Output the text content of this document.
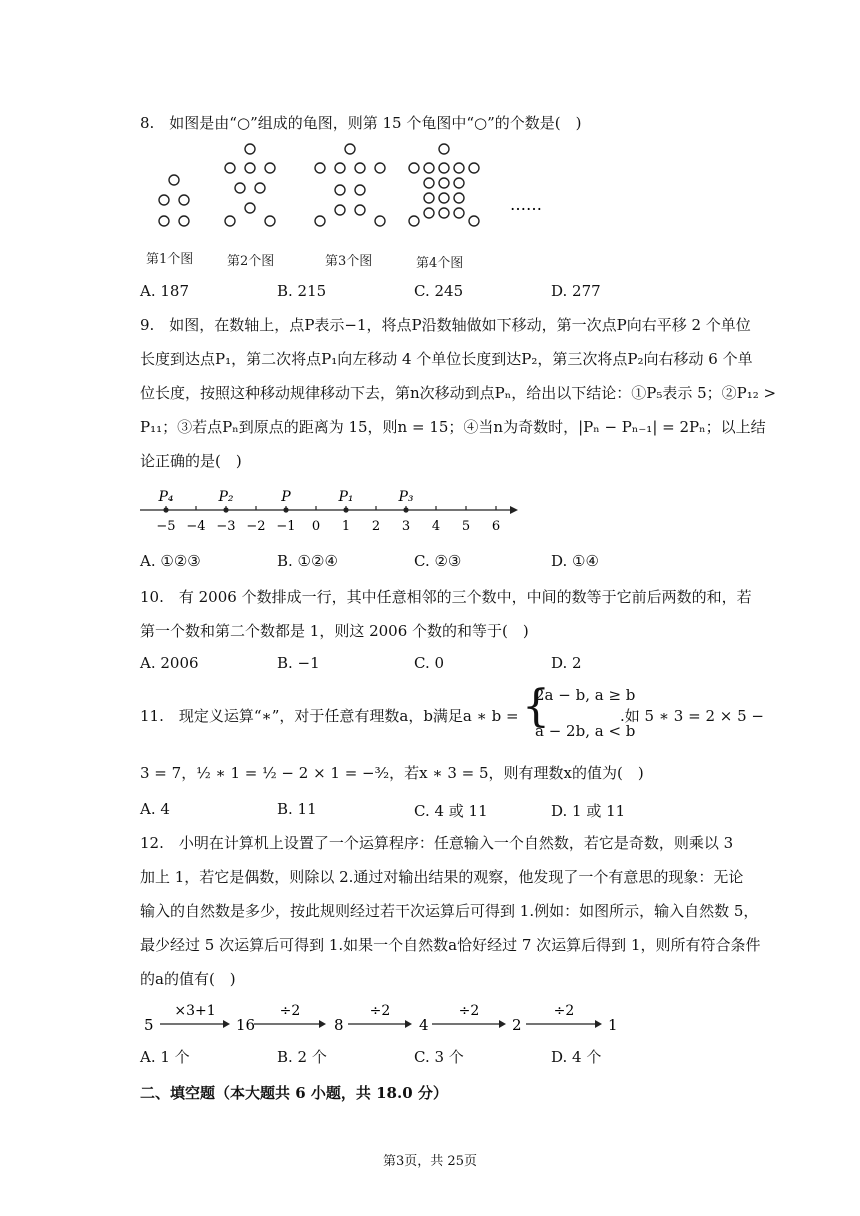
8.　如图是由“○”组成的龟图，则第 15 个龟图中“○”的个数是(　)
……
第1个图	第2个图	第3个图	第4个图
A. 187	B. 215	C. 245	D. 277
9.　如图，在数轴上，点P表示−1，将点P沿数轴做如下移动，第一次点P向右平移 2 个单位
长度到达点P₁，第二次将点P₁向左移动 4 个单位长度到达P₂，第三次将点P₂向右移动 6 个单
位长度，按照这种移动规律移动下去，第n次移动到点Pₙ，给出以下结论：①P₅表示 5；②P₁₂ >
P₁₁；③若点Pₙ到原点的距离为 15，则n = 15；④当n为奇数时，|Pₙ − Pₙ₋₁| = 2Pₙ；以上结
论正确的是(　)
−5 −4 −3 −2 −1 0 1 2 3 4 5 6
P₄	P₂	P	P₁	P₃
A. ①②③	B. ①②④	C. ②③	D. ①④
10.　有 2006 个数排成一行，其中任意相邻的三个数中，中间的数等于它前后两数的和，若
第一个数和第二个数都是 1，则这 2006 个数的和等于(　)
A. 2006	B. −1	C. 0	D. 2
11.　现定义运算“∗”，对于任意有理数a，b满足a ∗ b = {
2a − b, a ≥ b
a − 2b, a < b
.如 5 ∗ 3 = 2 × 5 −
3 = 7，½ ∗ 1 = ½ − 2 × 1 = −³⁄₂，若x ∗ 3 = 5，则有理数x的值为(　)
A. 4	B. 11	C. 4 或 11	D. 1 或 11
12.　小明在计算机上设置了一个运算程序：任意输入一个自然数，若它是奇数，则乘以 3
加上 1，若它是偶数，则除以 2.通过对输出结果的观察，他发现了一个有意思的现象：无论
输入的自然数是多少，按此规则经过若干次运算后可得到 1.例如：如图所示，输入自然数 5，
最少经过 5 次运算后可得到 1.如果一个自然数a恰好经过 7 次运算后得到 1，则所有符合条件
的a的值有(　)
5	16	8	4	2	1
×3+1	÷2	÷2	÷2	÷2
A. 1 个	B. 2 个	C. 3 个	D. 4 个
二、填空题（本大题共 6 小题，共 18.0 分）
第3页，共 25页
